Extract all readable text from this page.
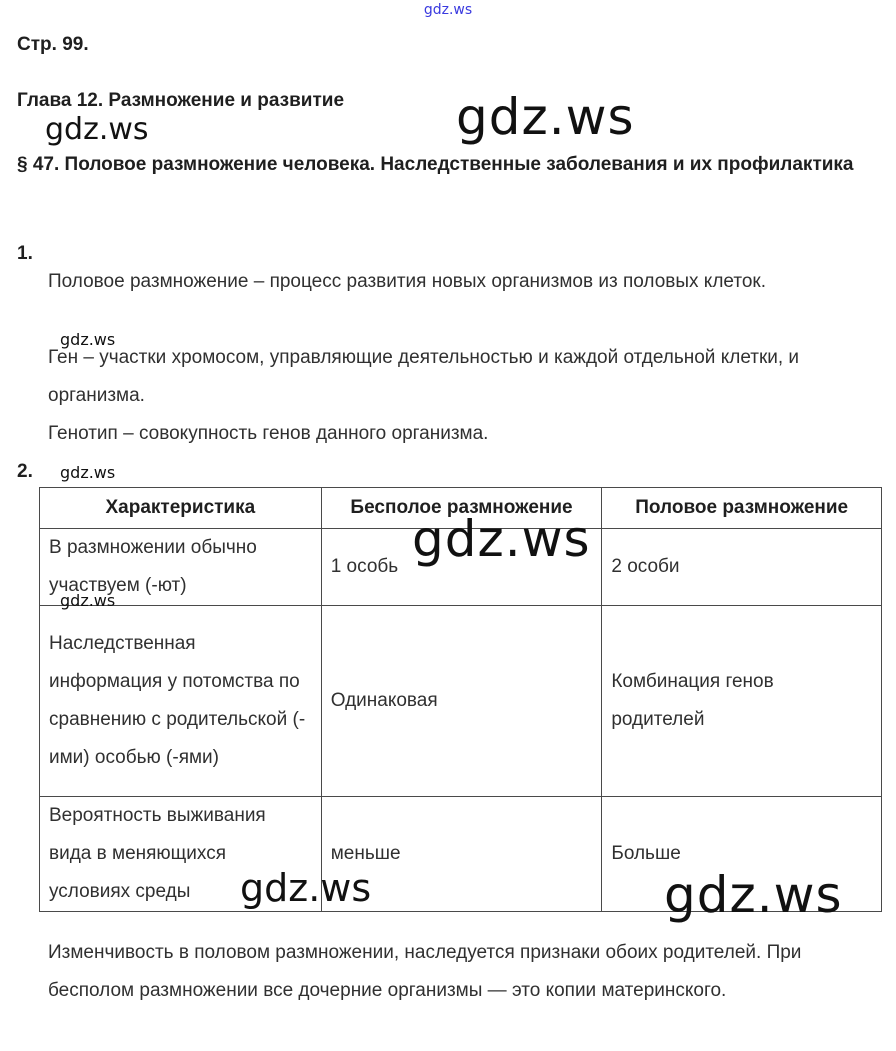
gdz.ws
Стр. 99.
Глава 12. Размножение и развитие
§ 47. Половое размножение человека. Наследственные заболевания и их профилактика
1.
Половое размножение – процесс развития новых организмов из половых клеток.
Ген – участки хромосом, управляющие деятельностью и каждой отдельной клетки, и организма.
Генотип – совокупность генов данного организма.
2.
Характеристика	Бесполое размножение	Половое размножение
В размножении обычно участвуем (-ют)	1 особь	2 особи
Наследственная информация у потомства по сравнению с родительской (-ими) особью (-ями)	Одинаковая	Комбинация генов родителей
Вероятность выживания вида в меняющихся условиях среды	меньше	Больше
Изменчивость в половом размножении, наследуется признаки обоих родителей. При бесполом размножении все дочерние организмы — это копии материнского.
gdz.ws	gdz.ws
gdz.ws
gdz.ws
gdz.ws
gdz.ws
gdz.ws	gdz.ws
